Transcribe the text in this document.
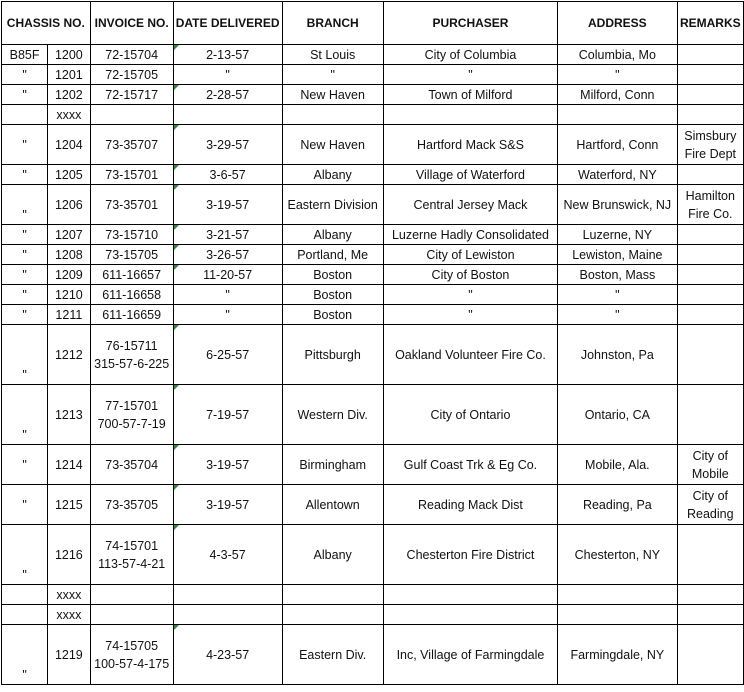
CHASSIS NO.		INVOICE NO.	DATE DELIVERED	BRANCH	PURCHASER	ADDRESS	REMARKS
B85F	1200	72-15704	2-13-57	St Louis	City of Columbia	Columbia, Mo	
"	1201	72-15705	"	"	"	"	
"	1202	72-15717	2-28-57	New Haven	Town of Milford	Milford, Conn	
	xxxx						
"	1204	73-35707	3-29-57	New Haven	Hartford Mack S&S	Hartford, Conn	Simsbury Fire Dept
"	1205	73-15701	3-6-57	Albany	Village of Waterford	Waterford, NY	
"	1206	73-35701	3-19-57	Eastern Division	Central Jersey Mack	New Brunswick, NJ	Hamilton Fire Co.
"	1207	73-15710	3-21-57	Albany	Luzerne Hadly Consolidated	Luzerne, NY	
"	1208	73-15705	3-26-57	Portland, Me	City of Lewiston	Lewiston, Maine	
"	1209	611-16657	11-20-57	Boston	City of Boston	Boston, Mass	
"	1210	611-16658	"	Boston	"	"	
"	1211	611-16659	"	Boston	"	"	
"	1212	76-15711
315-57-6-225	6-25-57	Pittsburgh	Oakland Volunteer Fire Co.	Johnston, Pa	
"	1213	77-15701
700-57-7-19	7-19-57	Western Div.	City of Ontario	Ontario, CA	
"	1214	73-35704	3-19-57	Birmingham	Gulf Coast Trk & Eg Co.	Mobile, Ala.	City of Mobile
"	1215	73-35705	3-19-57	Allentown	Reading Mack Dist	Reading, Pa	City of Reading
"	1216	74-15701
113-57-4-21	4-3-57	Albany	Chesterton Fire District	Chesterton, NY	
	xxxx						
	xxxx						
"	1219	74-15705
100-57-4-175	4-23-57	Eastern Div.	Inc, Village of Farmingdale	Farmingdale, NY	
